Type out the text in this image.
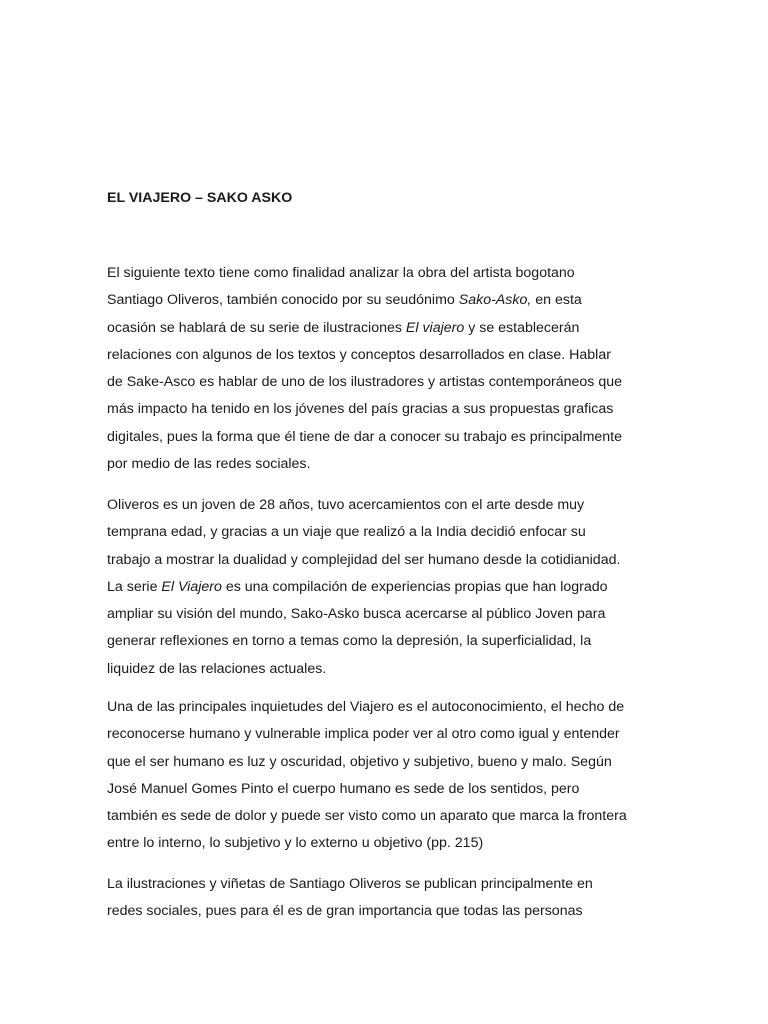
EL VIAJERO – SAKO ASKO
El siguiente texto tiene como finalidad analizar la obra del artista bogotano
Santiago Oliveros, también conocido por su seudónimo Sako-Asko, en esta
ocasión se hablará de su serie de ilustraciones El viajero y se establecerán
relaciones con algunos de los textos y conceptos desarrollados en clase. Hablar
de Sake-Asco es hablar de uno de los ilustradores y artistas contemporáneos que
más impacto ha tenido en los jóvenes del país gracias a sus propuestas graficas
digitales, pues la forma que él tiene de dar a conocer su trabajo es principalmente
por medio de las redes sociales.
Oliveros es un joven de 28 años, tuvo acercamientos con el arte desde muy
temprana edad, y gracias a un viaje que realizó a la India decidió enfocar su
trabajo a mostrar la dualidad y complejidad del ser humano desde la cotidianidad.
La serie El Viajero es una compilación de experiencias propias que han logrado
ampliar su visión del mundo, Sako-Asko busca acercarse al público Joven para
generar reflexiones en torno a temas como la depresión, la superficialidad, la
liquidez de las relaciones actuales.
Una de las principales inquietudes del Viajero es el autoconocimiento, el hecho de
reconocerse humano y vulnerable implica poder ver al otro como igual y entender
que el ser humano es luz y oscuridad, objetivo y subjetivo, bueno y malo. Según
José Manuel Gomes Pinto el cuerpo humano es sede de los sentidos, pero
también es sede de dolor y puede ser visto como un aparato que marca la frontera
entre lo interno, lo subjetivo y lo externo u objetivo (pp. 215)
La ilustraciones y viñetas de Santiago Oliveros se publican principalmente en
redes sociales, pues para él es de gran importancia que todas las personas
